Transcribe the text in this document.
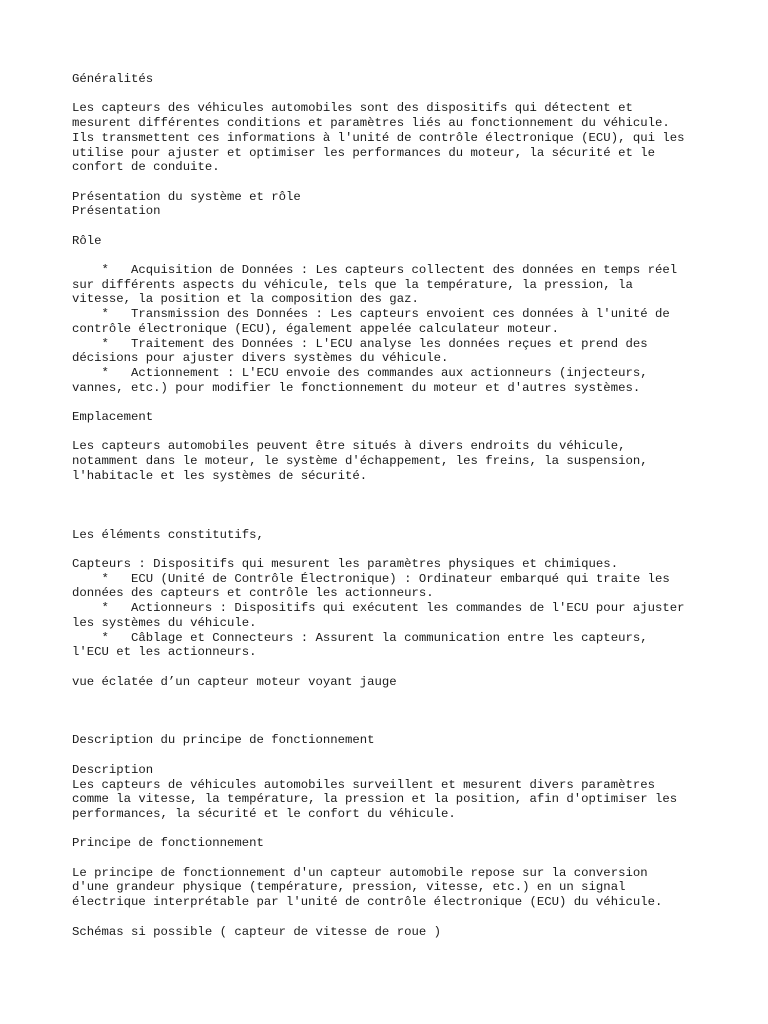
Généralités
Les capteurs des véhicules automobiles sont des dispositifs qui détectent et
mesurent différentes conditions et paramètres liés au fonctionnement du véhicule.
Ils transmettent ces informations à l'unité de contrôle électronique (ECU), qui les
utilise pour ajuster et optimiser les performances du moteur, la sécurité et le
confort de conduite.
Présentation du système et rôle
Présentation
Rôle
*   Acquisition de Données : Les capteurs collectent des données en temps réel
sur différents aspects du véhicule, tels que la température, la pression, la
vitesse, la position et la composition des gaz.
*   Transmission des Données : Les capteurs envoient ces données à l'unité de
contrôle électronique (ECU), également appelée calculateur moteur.
*   Traitement des Données : L'ECU analyse les données reçues et prend des
décisions pour ajuster divers systèmes du véhicule.
*   Actionnement : L'ECU envoie des commandes aux actionneurs (injecteurs,
vannes, etc.) pour modifier le fonctionnement du moteur et d'autres systèmes.
Emplacement
Les capteurs automobiles peuvent être situés à divers endroits du véhicule,
notamment dans le moteur, le système d'échappement, les freins, la suspension,
l'habitacle et les systèmes de sécurité.
Les éléments constitutifs,
Capteurs : Dispositifs qui mesurent les paramètres physiques et chimiques.
*   ECU (Unité de Contrôle Électronique) : Ordinateur embarqué qui traite les
données des capteurs et contrôle les actionneurs.
*   Actionneurs : Dispositifs qui exécutent les commandes de l'ECU pour ajuster
les systèmes du véhicule.
*   Câblage et Connecteurs : Assurent la communication entre les capteurs,
l'ECU et les actionneurs.
vue éclatée d’un capteur moteur voyant jauge
Description du principe de fonctionnement
Description
Les capteurs de véhicules automobiles surveillent et mesurent divers paramètres
comme la vitesse, la température, la pression et la position, afin d'optimiser les
performances, la sécurité et le confort du véhicule.
Principe de fonctionnement
Le principe de fonctionnement d'un capteur automobile repose sur la conversion
d'une grandeur physique (température, pression, vitesse, etc.) en un signal
électrique interprétable par l'unité de contrôle électronique (ECU) du véhicule.
Schémas si possible ( capteur de vitesse de roue )
